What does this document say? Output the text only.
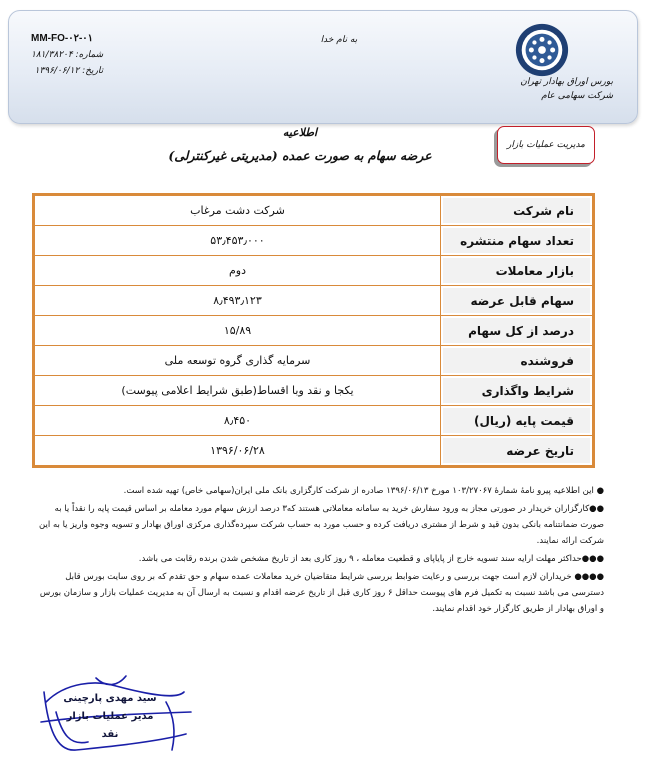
MM-FO-۰۲-۰۱
شماره: ۱۸۱/۳۸۲۰۴
تاریخ: ۱۳۹۶/۰۶/۱۲
به نام خدا
بورس اوراق بهادار تهران
شرکت سهامی عام
مدیریت عملیات بازار
اطلاعیه
عرضه سهام به صورت عمده (مدیریتی غیرکنترلی)
نام شرکت	شرکت دشت مرغاب
تعداد سهام منتشره	۵۳٫۴۵۳٫۰۰۰
بازار معاملات	دوم
سهام قابل عرضه	۸٫۴۹۳٫۱۲۳
درصد از کل سهام	۱۵/۸۹
فروشنده	سرمایه گذاری گروه توسعه ملی
شرایط واگذاری	یکجا و نقد وبا اقساط(طبق شرایط اعلامی پیوست)
قیمت پایه (ریال)	۸٫۴۵۰
تاریخ عرضه	۱۳۹۶/۰۶/۲۸

● این اطلاعیه پیرو نامۀ شمارۀ ۱۰۳/۲۷۰۶۷ مورخ ۱۳۹۶/۰۶/۱۳ صادره از شرکت کارگزاری بانک ملی ایران(سهامی خاص) تهیه شده است.

●●کارگزاران خریدار در صورتی مجاز به ورود سفارش خرید به سامانه معاملاتی هستند که۳ درصد ارزش سهام مورد معامله بر اساس قیمت پایه را نقداً یا به صورت ضمانتنامه بانکی بدون قید و شرط از مشتری دریافت کرده و حسب مورد به حساب شرکت سپرده‌گذاری مرکزی اوراق بهادار و تسویه وجوه واریز یا به این شرکت ارائه نمایند.

●●●حداکثر مهلت ارایه سند تسویه خارج از پایاپای و قطعیت معامله ، ۹ روز کاری بعد از تاریخ مشخص شدن برنده رقابت می باشد.

●●●● خریداران لازم است جهت بررسی و رعایت ضوابط بررسی شرایط متقاضیان خرید معاملات عمده سهام و حق تقدم که بر روی سایت بورس قابل دسترسی می باشد نسبت به تکمیل فرم های پیوست حداقل ۶ روز کاری قبل از تاریخ عرضه اقدام و نسبت به ارسال آن به مدیریت عملیات بازار و سازمان بورس و اوراق بهادار از طریق کارگزار خود اقدام نمایند.

سید مهدی پارچینی
مدیر عملیات بازار نقد
